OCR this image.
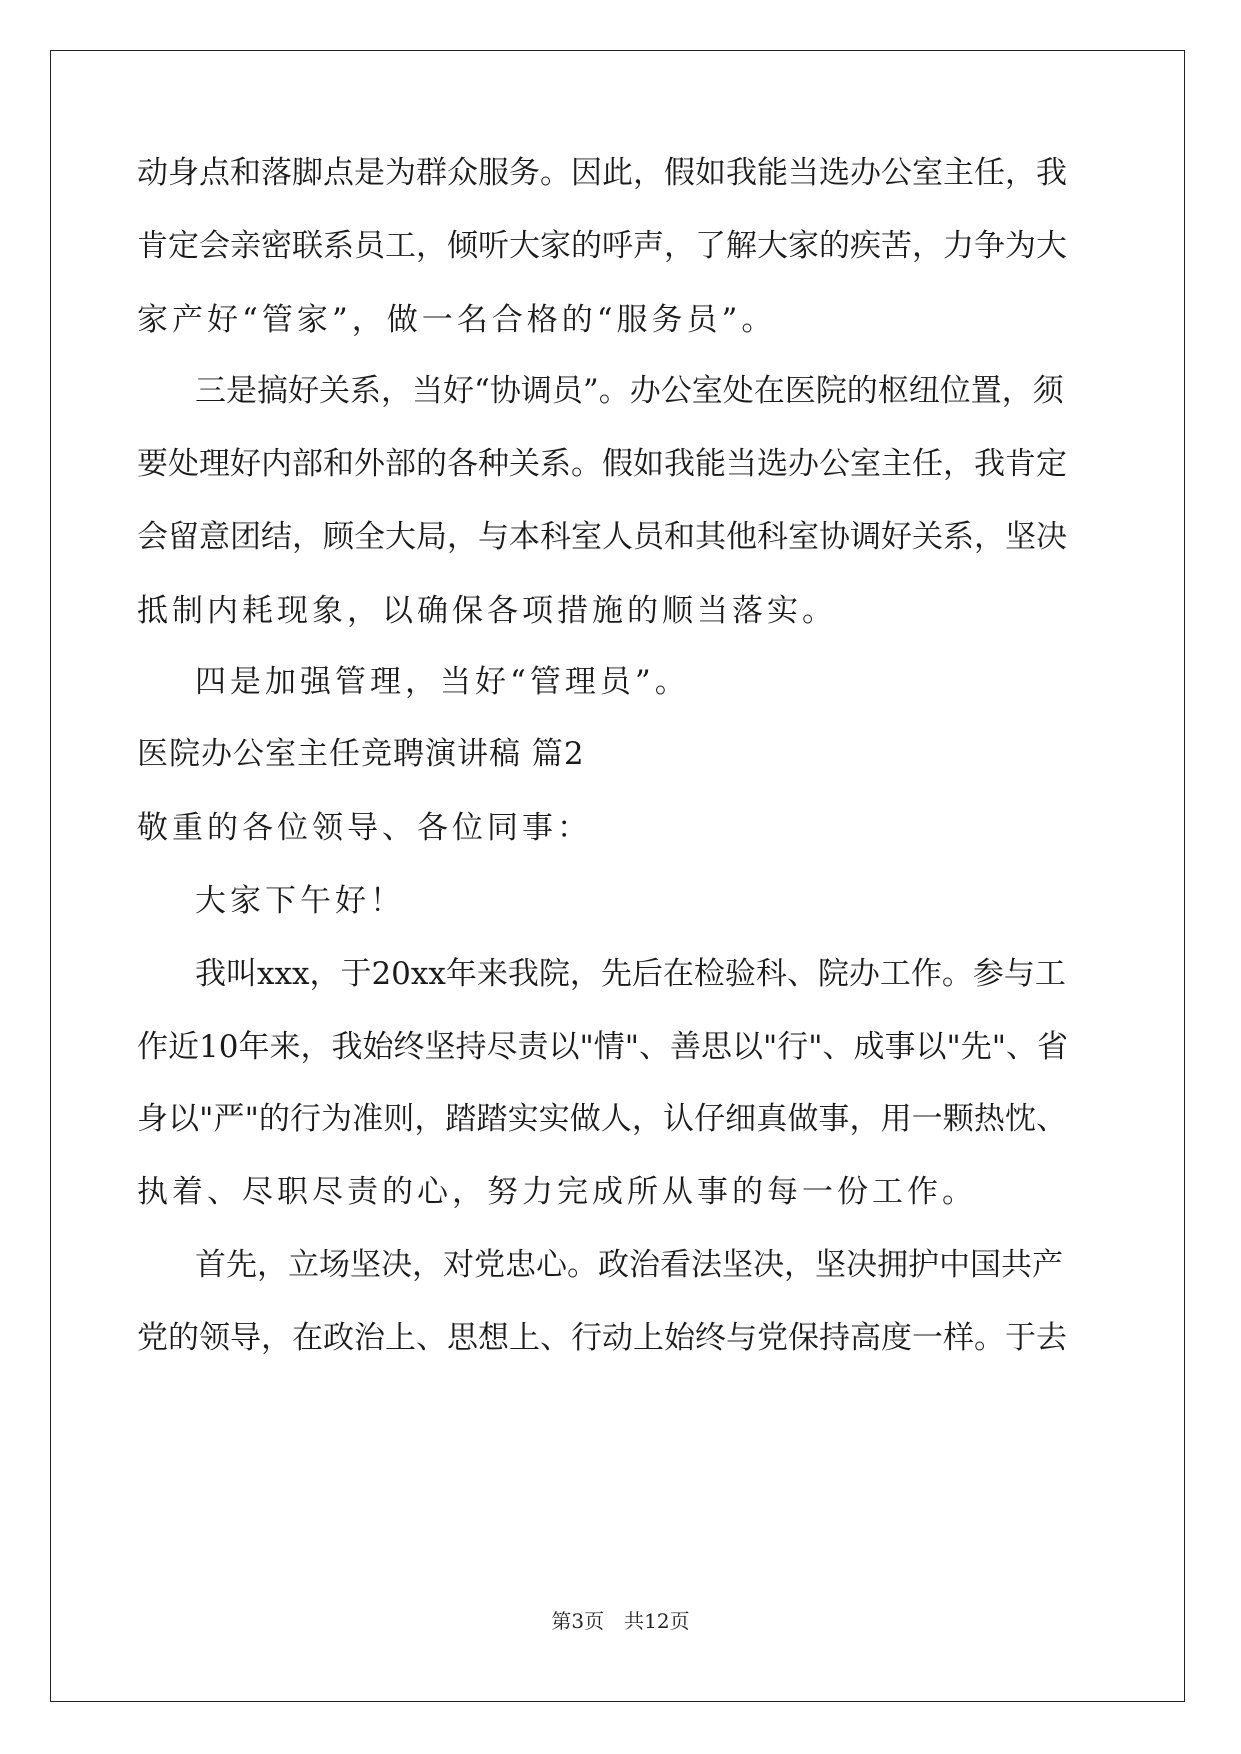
动身点和落脚点是为群众服务。因此，假如我能当选办公室主任，我
肯定会亲密联系员工，倾听大家的呼声，了解大家的疾苦，力争为大
家产好“管家”，做一名合格的“服务员”。
三是搞好关系，当好“协调员”。办公室处在医院的枢纽位置，须
要处理好内部和外部的各种关系。假如我能当选办公室主任，我肯定
会留意团结，顾全大局，与本科室人员和其他科室协调好关系，坚决
抵制内耗现象，以确保各项措施的顺当落实。
四是加强管理，当好“管理员”。
医院办公室主任竞聘演讲稿 篇2
敬重的各位领导、各位同事：
大家下午好！
我叫xxx，于20xx年来我院，先后在检验科、院办工作。参与工
作近10年来，我始终坚持尽责以"情"、善思以"行"、成事以"先"、省
身以"严"的行为准则，踏踏实实做人，认仔细真做事，用一颗热忱、
执着、尽职尽责的心，努力完成所从事的每一份工作。
首先，立场坚决，对党忠心。政治看法坚决，坚决拥护中国共产
党的领导，在政治上、思想上、行动上始终与党保持高度一样。于去
第3页　共12页
